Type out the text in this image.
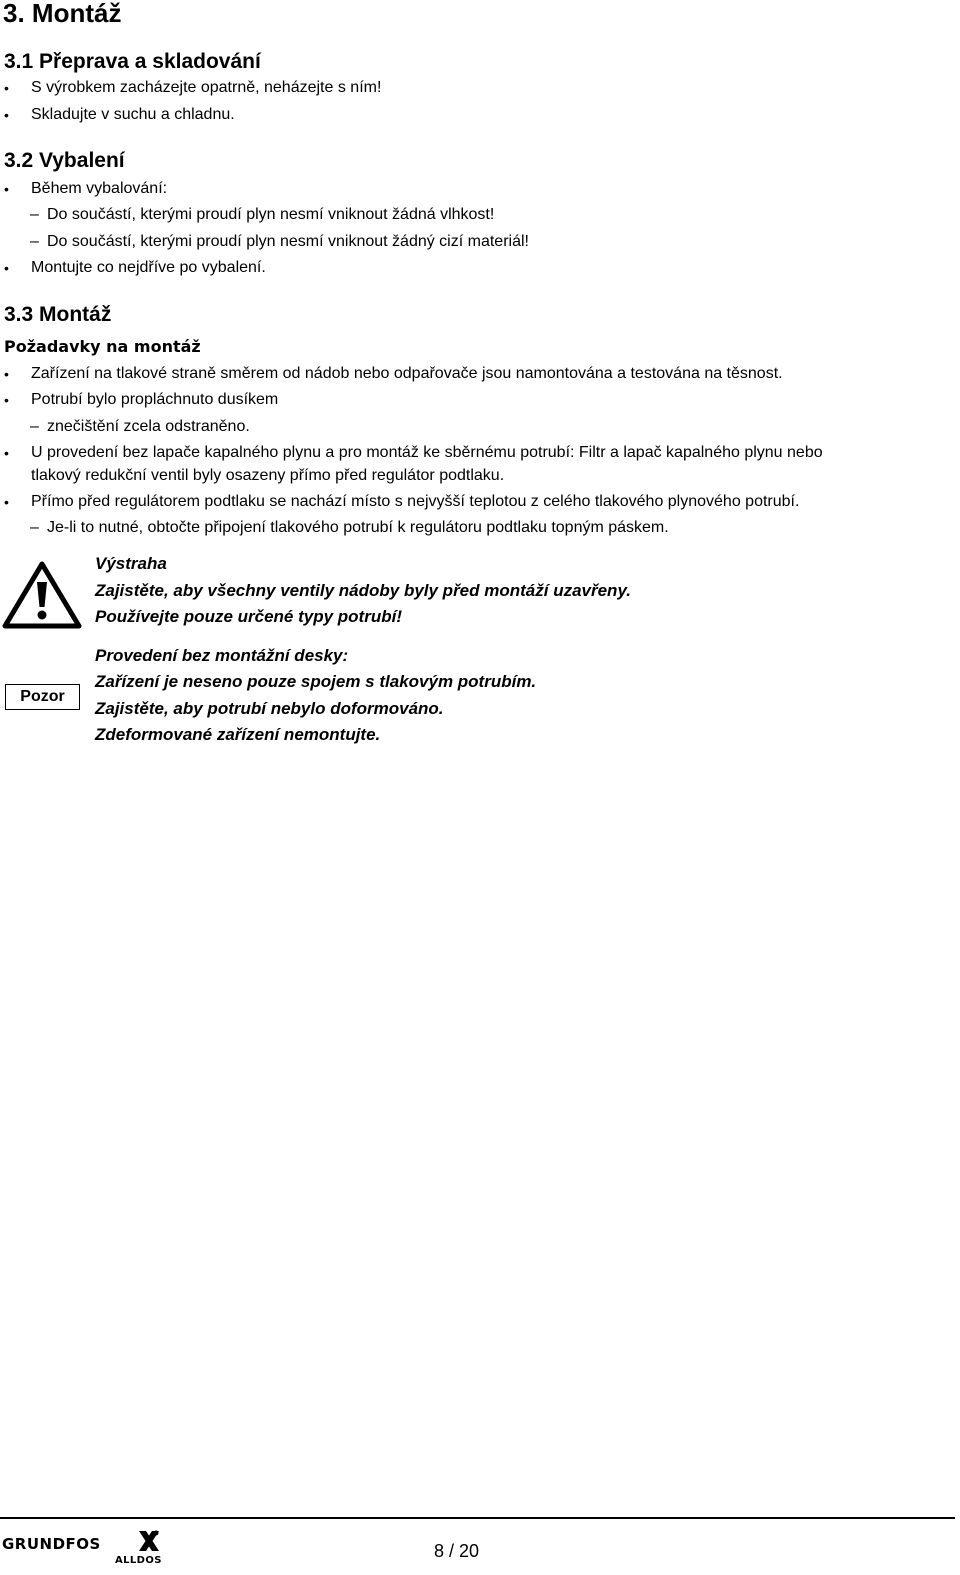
3. Montáž
3.1 Přeprava a skladování
• S výrobkem zacházejte opatrně, neházejte s ním!
• Skladujte v suchu a chladnu.
3.2 Vybalení
• Během vybalování:
– Do součástí, kterými proudí plyn nesmí vniknout žádná vlhkost!
– Do součástí, kterými proudí plyn nesmí vniknout žádný cizí materiál!
• Montujte co nejdříve po vybalení.
3.3 Montáž
Požadavky na montáž
• Zařízení na tlakové straně směrem od nádob nebo odpařovače jsou namontována a testována na těsnost.
• Potrubí bylo propláchnuto dusíkem
– znečištění zcela odstraněno.
• U provedení bez lapače kapalného plynu a pro montáž ke sběrnému potrubí: Filtr a lapač kapalného plynu nebo
tlakový redukční ventil byly osazeny přímo před regulátor podtlaku.
• Přímo před regulátorem podtlaku se nachází místo s nejvyšší teplotou z celého tlakového plynového potrubí.
– Je-li to nutné, obtočte připojení tlakového potrubí k regulátoru podtlaku topným páskem.
Výstraha
Zajistěte, aby všechny ventily nádoby byly před montáží uzavřeny.
Používejte pouze určené typy potrubí!
Pozor
Provedení bez montážní desky:
Zařízení je neseno pouze spojem s tlakovým potrubím.
Zajistěte, aby potrubí nebylo doformováno.
Zdeformované zařízení nemontujte.
GRUNDFOS
ALLDOS	8 / 20
